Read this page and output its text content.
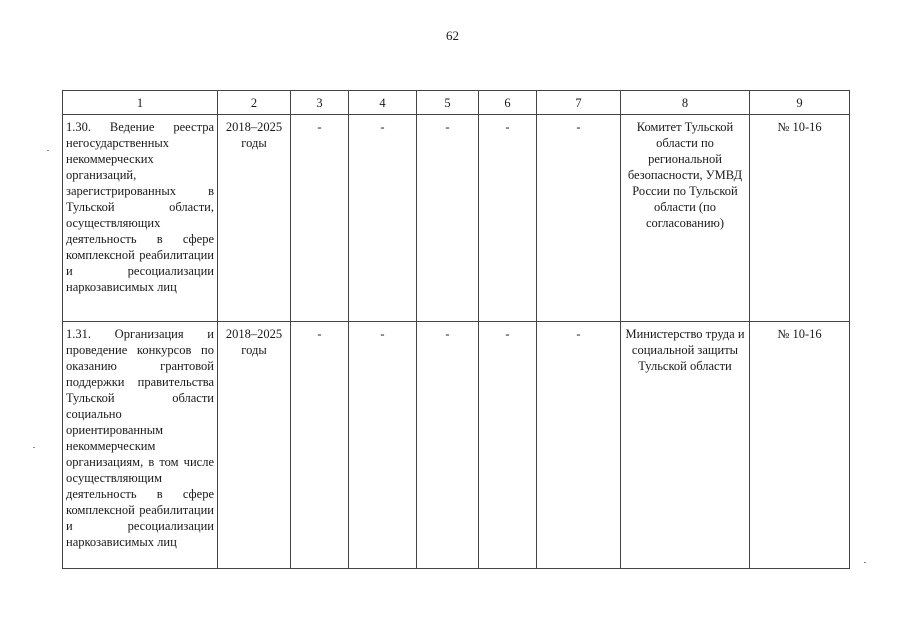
62
1	2	3	4	5	6	7	8	9
1.30. Ведение реестра негосударственных некоммерческих организаций, зарегистрированных в Тульской области, осуществляющих деятельность в сфере комплексной реабилитации и ресоциализации наркозависимых лиц	2018–2025 годы	-	-	-	-	-	Комитет Тульской области по региональной безопасности, УМВД России по Тульской области (по согласованию)	№ 10-16
1.31. Организация и проведение конкурсов по оказанию грантовой поддержки правительства Тульской области социально ориентированным некоммерческим организациям, в том числе осуществляющим деятельность в сфере комплексной реабилитации и ресоциализации наркозависимых лиц	2018–2025 годы	-	-	-	-	-	Министерство труда и социальной защиты Тульской области	№ 10-16
